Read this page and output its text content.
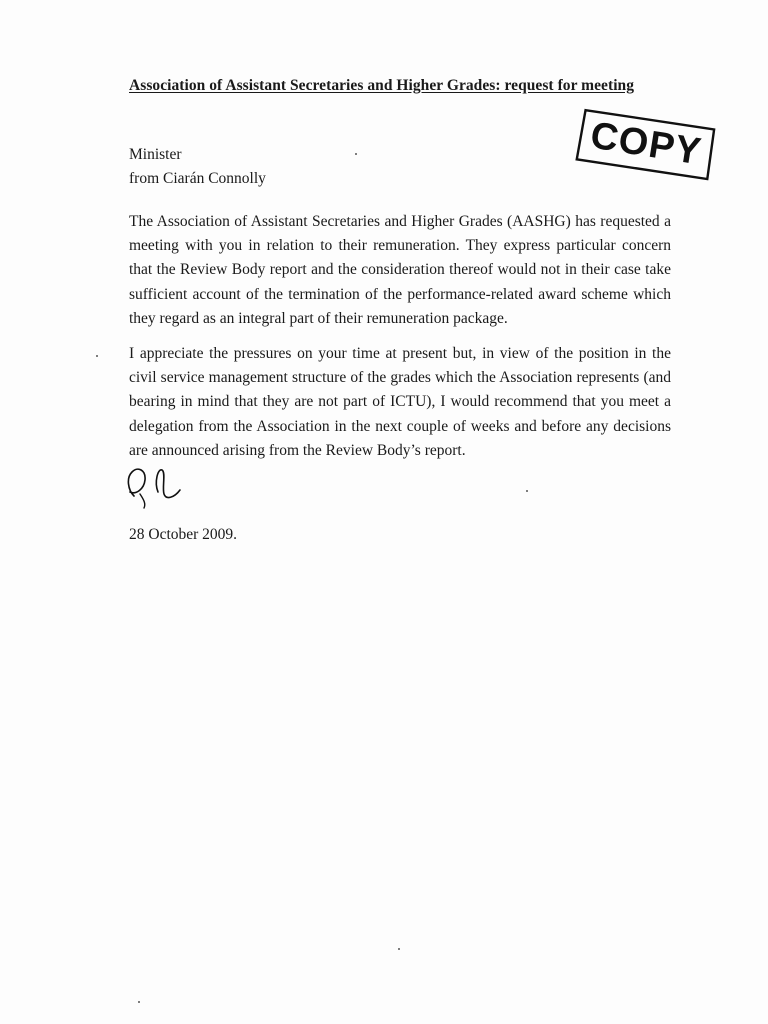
Association of Assistant Secretaries and Higher Grades: request for meeting
COPY
Minister
from Ciarán Connolly

The Association of Assistant Secretaries and Higher Grades (AASHG) has requested a meeting with you in relation to their remuneration. They express particular concern that the Review Body report and the consideration thereof would not in their case take sufficient account of the termination of the performance-related award scheme which they regard as an integral part of their remuneration package.

I appreciate the pressures on your time at present but, in view of the position in the civil service management structure of the grades which the Association represents (and bearing in mind that they are not part of ICTU), I would recommend that you meet a delegation from the Association in the next couple of weeks and before any decisions are announced arising from the Review Body’s report.

28 October 2009.
